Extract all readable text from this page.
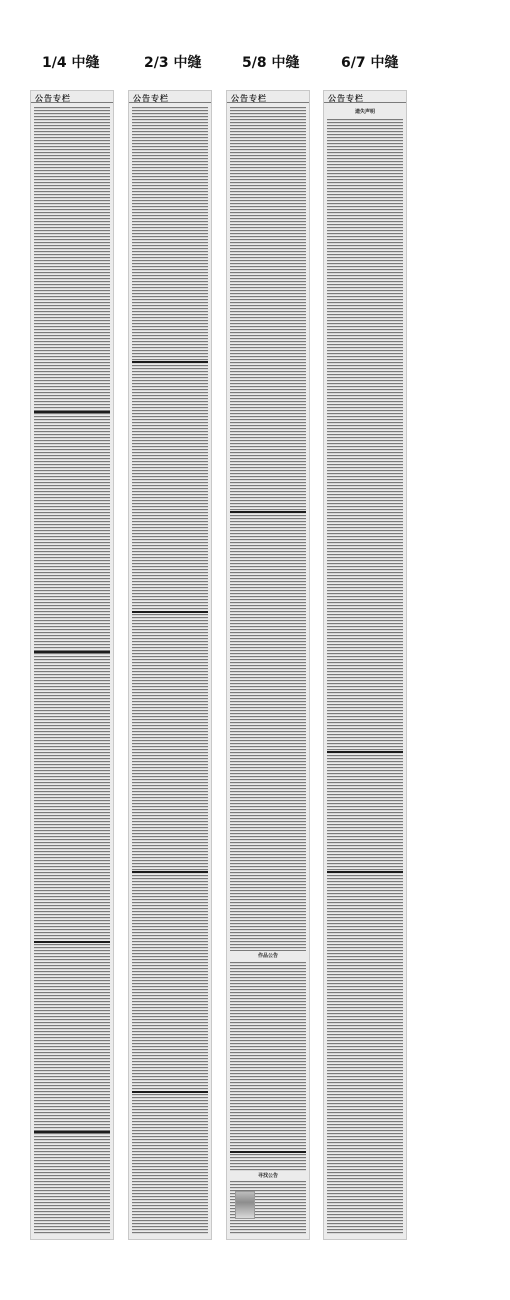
1/4 中缝	2/3 中缝	5/8 中缝	6/7 中缝
公告专栏	公告专栏	公告专栏
作品公告
寻找公告
公告专栏
遗失声明
